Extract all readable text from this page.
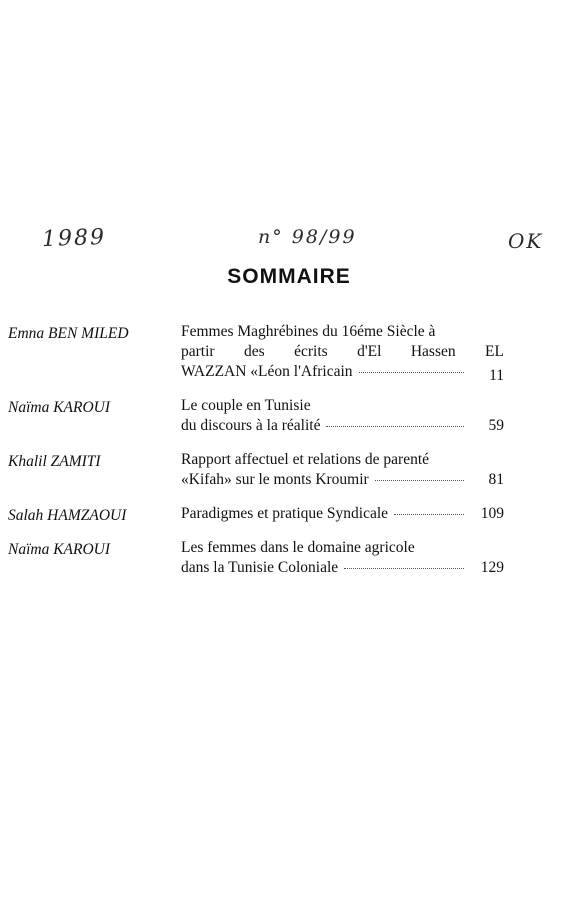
1989	n° 98/99	OK
SOMMAIRE
Emna BEN MILED	Femmes Maghrébines du 16éme Siècle à
partir des écrits d'El Hassen EL
WAZZAN «Léon l'Africain	11
Naïma KAROUI	Le couple en Tunisie
du discours à la réalité	59
Khalil ZAMITI	Rapport affectuel et relations de parenté
«Kifah» sur le monts Kroumir	81
Salah HAMZAOUI	Paradigmes et pratique Syndicale	109
Naïma KAROUI	Les femmes dans le domaine agricole
dans la Tunisie Coloniale	129
